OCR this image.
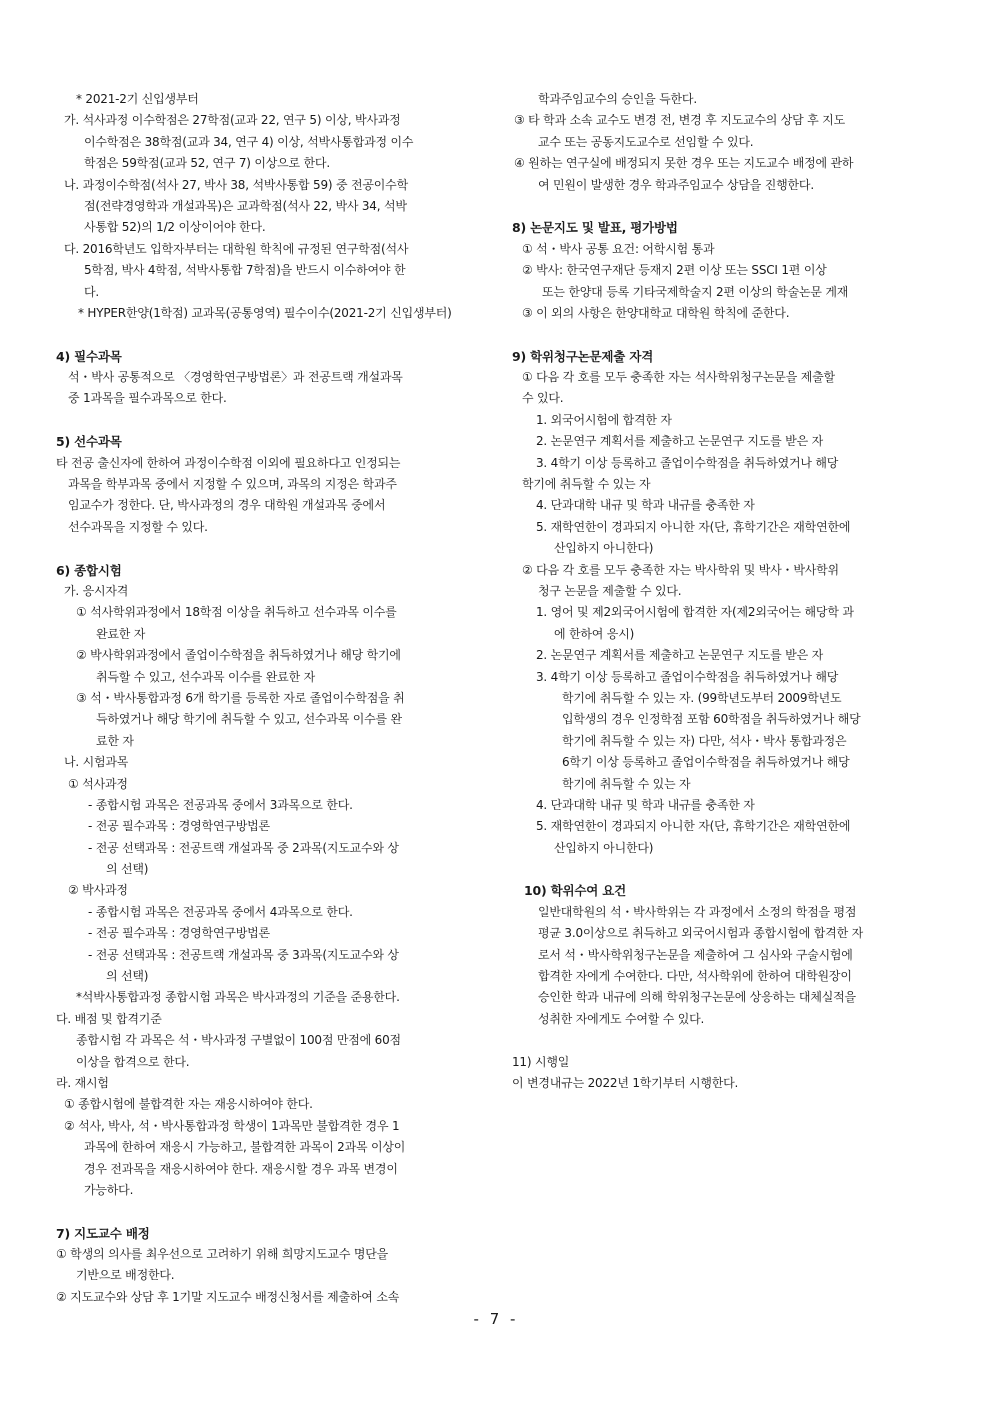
* 2021-2기 신입생부터
가. 석사과정 이수학점은 27학점(교과 22, 연구 5) 이상, 박사과정
이수학점은 38학점(교과 34, 연구 4) 이상, 석박사통합과정 이수
학점은 59학점(교과 52, 연구 7) 이상으로 한다.
나. 과정이수학점(석사 27, 박사 38, 석박사통합 59) 중 전공이수학
점(전략경영학과 개설과목)은 교과학점(석사 22, 박사 34, 석박
사통합 52)의 1/2 이상이어야 한다.
다. 2016학년도 입학자부터는 대학원 학칙에 규정된 연구학점(석사
5학점, 박사 4학점, 석박사통합 7학점)을 반드시 이수하여야 한
다.
* HYPER한양(1학점) 교과목(공통영역) 필수이수(2021-2기 신입생부터)
4) 필수과목
석・박사 공통적으로 〈경영학연구방법론〉과 전공트랙 개설과목
중 1과목을 필수과목으로 한다.
5) 선수과목
타 전공 출신자에 한하여 과정이수학점 이외에 필요하다고 인정되는
과목을 학부과목 중에서 지정할 수 있으며, 과목의 지정은 학과주
임교수가 정한다. 단, 박사과정의 경우 대학원 개설과목 중에서
선수과목을 지정할 수 있다.
6) 종합시험
가. 응시자격
① 석사학위과정에서 18학점 이상을 취득하고 선수과목 이수를
완료한 자
② 박사학위과정에서 졸업이수학점을 취득하였거나 해당 학기에
취득할 수 있고, 선수과목 이수를 완료한 자
③ 석・박사통합과정 6개 학기를 등록한 자로 졸업이수학점을 취
득하였거나 해당 학기에 취득할 수 있고, 선수과목 이수를 완
료한 자
나. 시험과목
① 석사과정
- 종합시험 과목은 전공과목 중에서 3과목으로 한다.
- 전공 필수과목 : 경영학연구방법론
- 전공 선택과목 : 전공트랙 개설과목 중 2과목(지도교수와 상
의 선택)
② 박사과정
- 종합시험 과목은 전공과목 중에서 4과목으로 한다.
- 전공 필수과목 : 경영학연구방법론
- 전공 선택과목 : 전공트랙 개설과목 중 3과목(지도교수와 상
의 선택)
*석박사통합과정 종합시험 과목은 박사과정의 기준을 준용한다.
다. 배점 및 합격기준
종합시험 각 과목은 석・박사과정 구별없이 100점 만점에 60점
이상을 합격으로 한다.
라. 재시험
① 종합시험에 불합격한 자는 재응시하여야 한다.
② 석사, 박사, 석・박사통합과정 학생이 1과목만 불합격한 경우 1
과목에 한하여 재응시 가능하고, 불합격한 과목이 2과목 이상이
경우 전과목을 재응시하여야 한다. 재응시할 경우 과목 변경이
가능하다.
7) 지도교수 배정
① 학생의 의사를 최우선으로 고려하기 위해 희망지도교수 명단을
기반으로 배정한다.
② 지도교수와 상담 후 1기말 지도교수 배정신청서를 제출하여 소속
학과주임교수의 승인을 득한다.
③ 타 학과 소속 교수도 변경 전, 변경 후 지도교수의 상담 후 지도
교수 또는 공동지도교수로 선임할 수 있다.
④ 원하는 연구실에 배정되지 못한 경우 또는 지도교수 배정에 관하
여 민원이 발생한 경우 학과주임교수 상담을 진행한다.
8) 논문지도 및 발표, 평가방법
① 석・박사 공통 요건: 어학시험 통과
② 박사: 한국연구재단 등재지 2편 이상 또는 SSCI 1편 이상
또는 한양대 등록 기타국제학술지 2편 이상의 학술논문 게재
③ 이 외의 사항은 한양대학교 대학원 학칙에 준한다.
9) 학위청구논문제출 자격
① 다음 각 호를 모두 충족한 자는 석사학위청구논문을 제출할
수 있다.
1. 외국어시험에 합격한 자
2. 논문연구 계획서를 제출하고 논문연구 지도를 받은 자
3. 4학기 이상 등록하고 졸업이수학점을 취득하였거나 해당
학기에 취득할 수 있는 자
4. 단과대학 내규 및 학과 내규를 충족한 자
5. 재학연한이 경과되지 아니한 자(단, 휴학기간은 재학연한에
산입하지 아니한다)
② 다음 각 호를 모두 충족한 자는 박사학위 및 박사・박사학위
청구 논문을 제출할 수 있다.
1. 영어 및 제2외국어시험에 합격한 자(제2외국어는 해당학 과
에 한하여 응시)
2. 논문연구 계획서를 제출하고 논문연구 지도를 받은 자
3. 4학기 이상 등록하고 졸업이수학점을 취득하였거나 해당
학기에 취득할 수 있는 자. (99학년도부터 2009학년도
입학생의 경우 인정학점 포함 60학점을 취득하였거나 해당
학기에 취득할 수 있는 자) 다만, 석사・박사 통합과정은
6학기 이상 등록하고 졸업이수학점을 취득하였거나 해당
학기에 취득할 수 있는 자
4. 단과대학 내규 및 학과 내규를 충족한 자
5. 재학연한이 경과되지 아니한 자(단, 휴학기간은 재학연한에
산입하지 아니한다)
10) 학위수여 요건
일반대학원의 석・박사학위는 각 과정에서 소정의 학점을 평점
평균 3.0이상으로 취득하고 외국어시험과 종합시험에 합격한 자
로서 석・박사학위청구논문을 제출하여 그 심사와 구술시험에
합격한 자에게 수여한다. 다만, 석사학위에 한하여 대학원장이
승인한 학과 내규에 의해 학위청구논문에 상응하는 대체실적을
성취한 자에게도 수여할 수 있다.
11) 시행일
이 변경내규는 2022년 1학기부터 시행한다.
- 7 -
